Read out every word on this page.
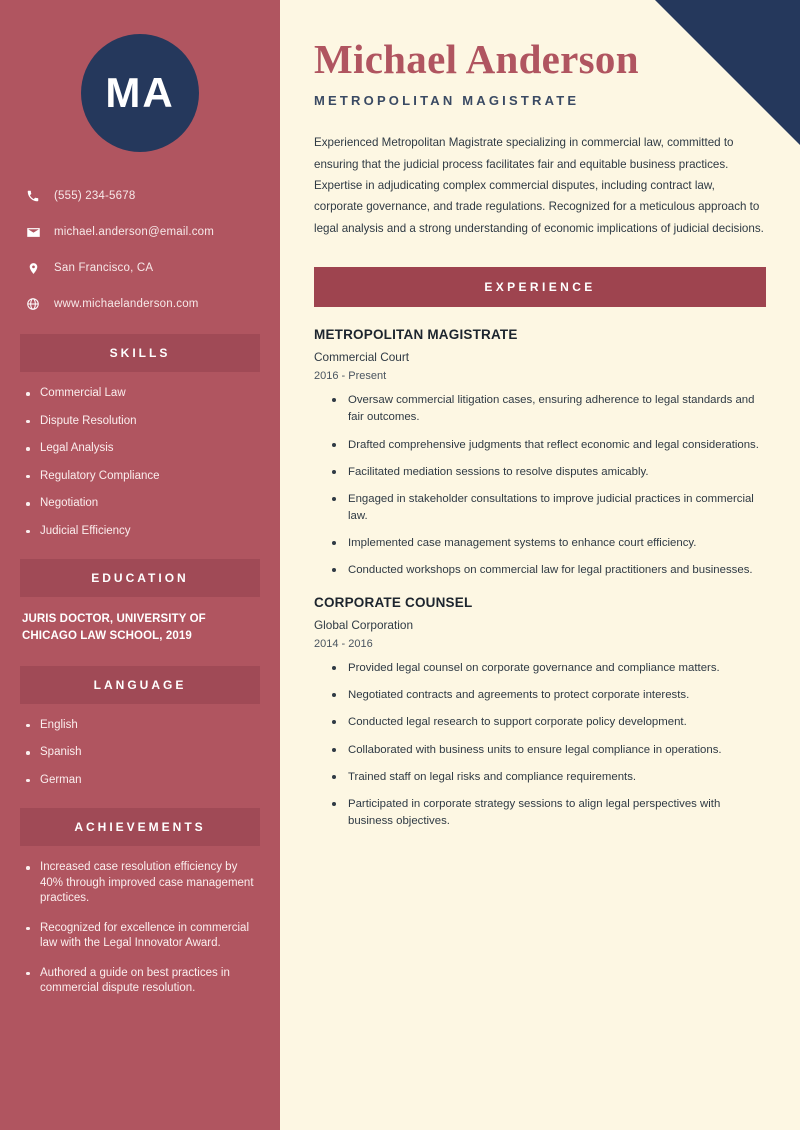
MA
(555) 234-5678
michael.anderson@email.com
San Francisco, CA
www.michaelanderson.com
SKILLS
Commercial Law
Dispute Resolution
Legal Analysis
Regulatory Compliance
Negotiation
Judicial Efficiency
EDUCATION
JURIS DOCTOR, UNIVERSITY OF CHICAGO LAW SCHOOL, 2019
LANGUAGE
English
Spanish
German
ACHIEVEMENTS
Increased case resolution efficiency by 40% through improved case management practices.
Recognized for excellence in commercial law with the Legal Innovator Award.
Authored a guide on best practices in commercial dispute resolution.
Michael Anderson
METROPOLITAN MAGISTRATE

Experienced Metropolitan Magistrate specializing in commercial law, committed to ensuring that the judicial process facilitates fair and equitable business practices. Expertise in adjudicating complex commercial disputes, including contract law, corporate governance, and trade regulations. Recognized for a meticulous approach to legal analysis and a strong understanding of economic implications of judicial decisions.

EXPERIENCE
METROPOLITAN MAGISTRATE
Commercial Court
2016 - Present
Oversaw commercial litigation cases, ensuring adherence to legal standards and fair outcomes.
Drafted comprehensive judgments that reflect economic and legal considerations.
Facilitated mediation sessions to resolve disputes amicably.
Engaged in stakeholder consultations to improve judicial practices in commercial law.
Implemented case management systems to enhance court efficiency.
Conducted workshops on commercial law for legal practitioners and businesses.
CORPORATE COUNSEL
Global Corporation
2014 - 2016
Provided legal counsel on corporate governance and compliance matters.
Negotiated contracts and agreements to protect corporate interests.
Conducted legal research to support corporate policy development.
Collaborated with business units to ensure legal compliance in operations.
Trained staff on legal risks and compliance requirements.
Participated in corporate strategy sessions to align legal perspectives with business objectives.
